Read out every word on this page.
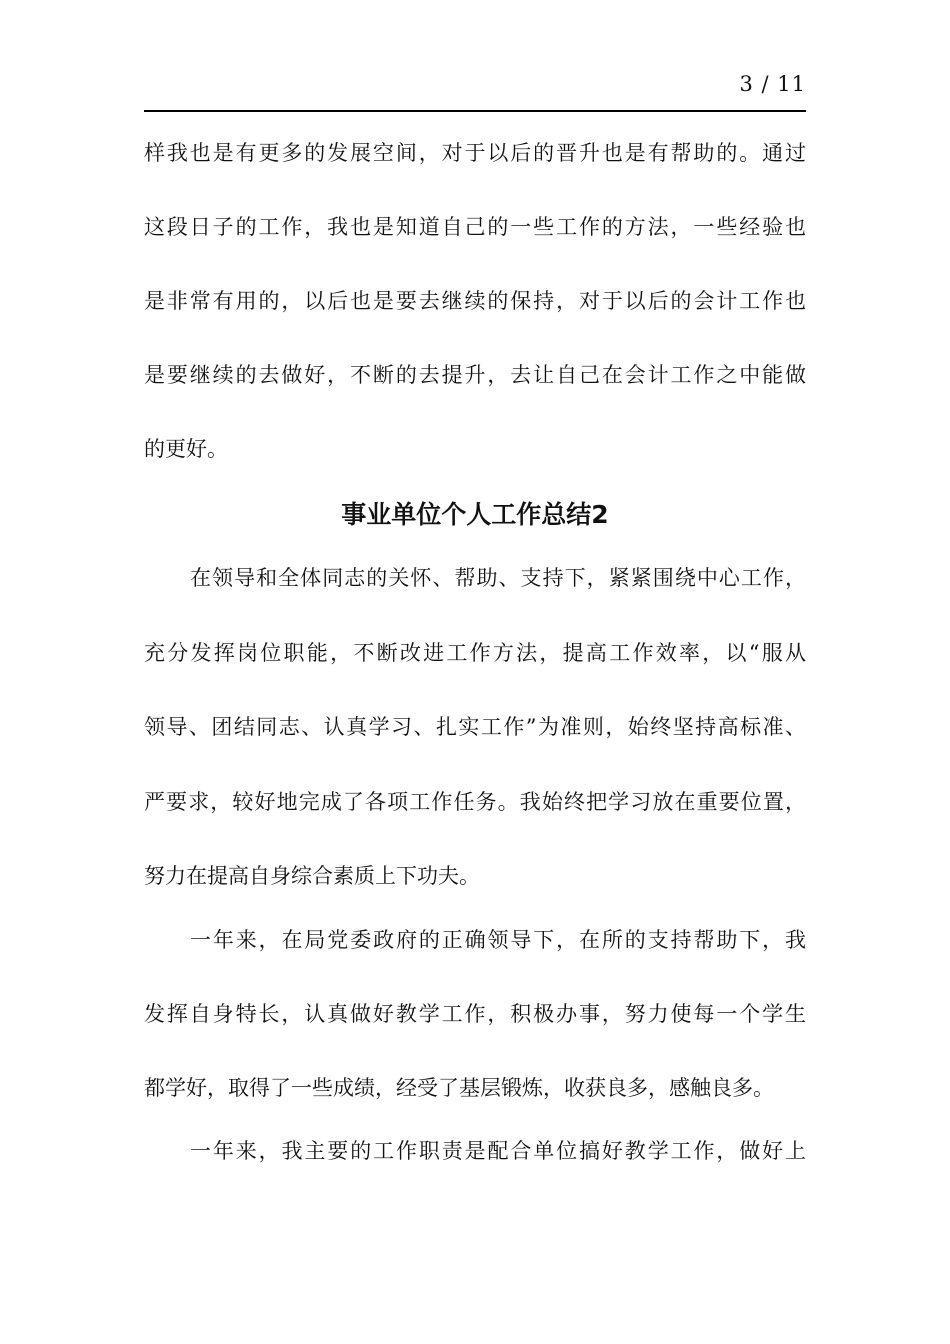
3 / 11
样我也是有更多的发展空间，对于以后的晋升也是有帮助的。通过
这段日子的工作，我也是知道自己的一些工作的方法，一些经验也
是非常有用的，以后也是要去继续的保持，对于以后的会计工作也
是要继续的去做好，不断的去提升，去让自己在会计工作之中能做
的更好。
事业单位个人工作总结2
在领导和全体同志的关怀、帮助、支持下，紧紧围绕中心工作，
充分发挥岗位职能，不断改进工作方法，提高工作效率，以“服从
领导、团结同志、认真学习、扎实工作”为准则，始终坚持高标准、
严要求，较好地完成了各项工作任务。我始终把学习放在重要位置，
努力在提高自身综合素质上下功夫。
一年来，在局党委政府的正确领导下，在所的支持帮助下，我
发挥自身特长，认真做好教学工作，积极办事，努力使每一个学生
都学好，取得了一些成绩，经受了基层锻炼，收获良多，感触良多。
一年来，我主要的工作职责是配合单位搞好教学工作，做好上
